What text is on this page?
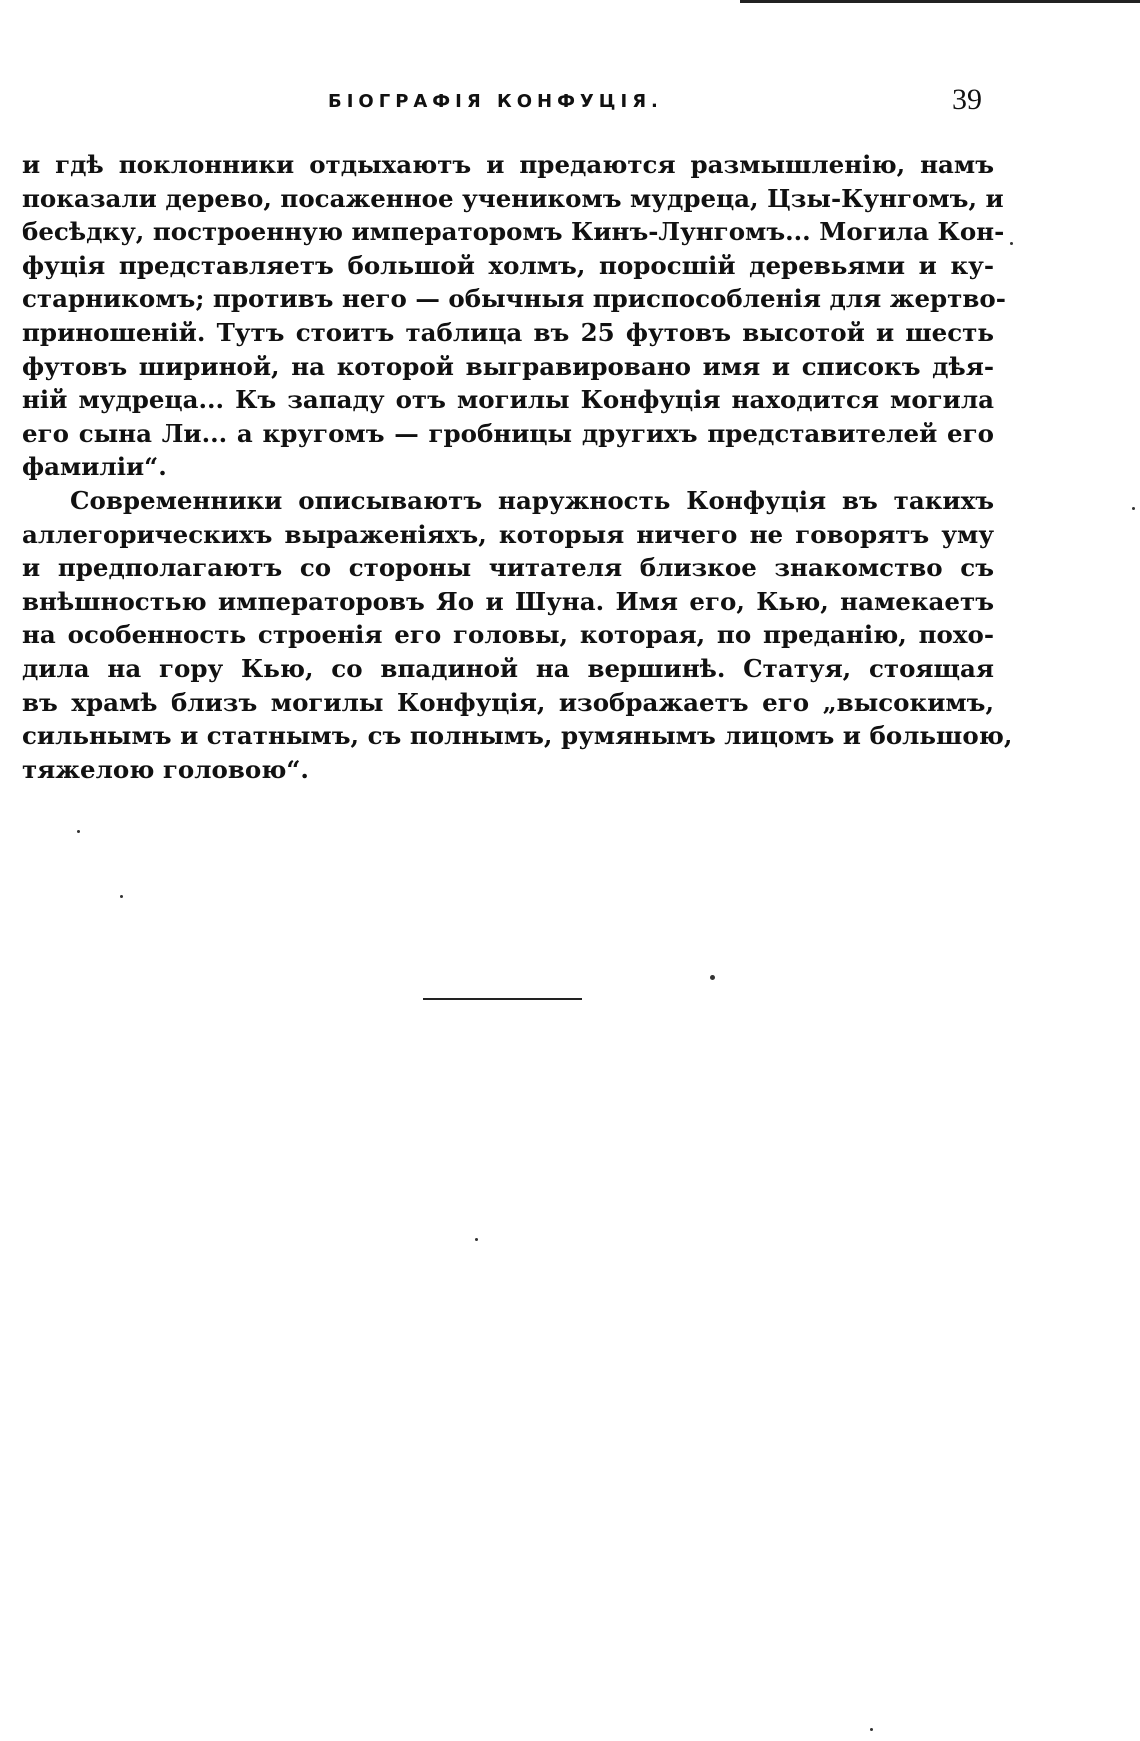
БІОГРАФІЯ КОНФУЦІЯ.	39

и гдѣ поклонники отдыхаютъ и предаются размышленію, намъ
показали дерево, посаженное ученикомъ мудреца, Цзы-Кунгомъ, и
бесѣдку, построенную императоромъ Кинъ-Лунгомъ... Могила Кон-
фуція представляетъ большой холмъ, поросшій деревьями и ку-
старникомъ; противъ него — обычныя приспособленія для жертво-
приношеній. Тутъ стоитъ таблица въ 25 футовъ высотой и шесть
футовъ шириной, на которой выгравировано имя и списокъ дѣя-
ній мудреца... Къ западу отъ могилы Конфуція находится могила
его сына Ли... а кругомъ — гробницы другихъ представителей его
фамиліи“.

Современники описываютъ наружность Конфуція въ такихъ
аллегорическихъ выраженіяхъ, которыя ничего не говорятъ уму
и предполагаютъ со стороны читателя близкое знакомство съ
внѣшностью императоровъ Яо и Шуна. Имя его, Кью, намекаетъ
на особенность строенія его головы, которая, по преданію, похо-
дила на гору Кью, со впадиной на вершинѣ. Статуя, стоящая
въ храмѣ близъ могилы Конфуція, изображаетъ его „высокимъ,
сильнымъ и статнымъ, съ полнымъ, румянымъ лицомъ и большою,
тяжелою головою“.
